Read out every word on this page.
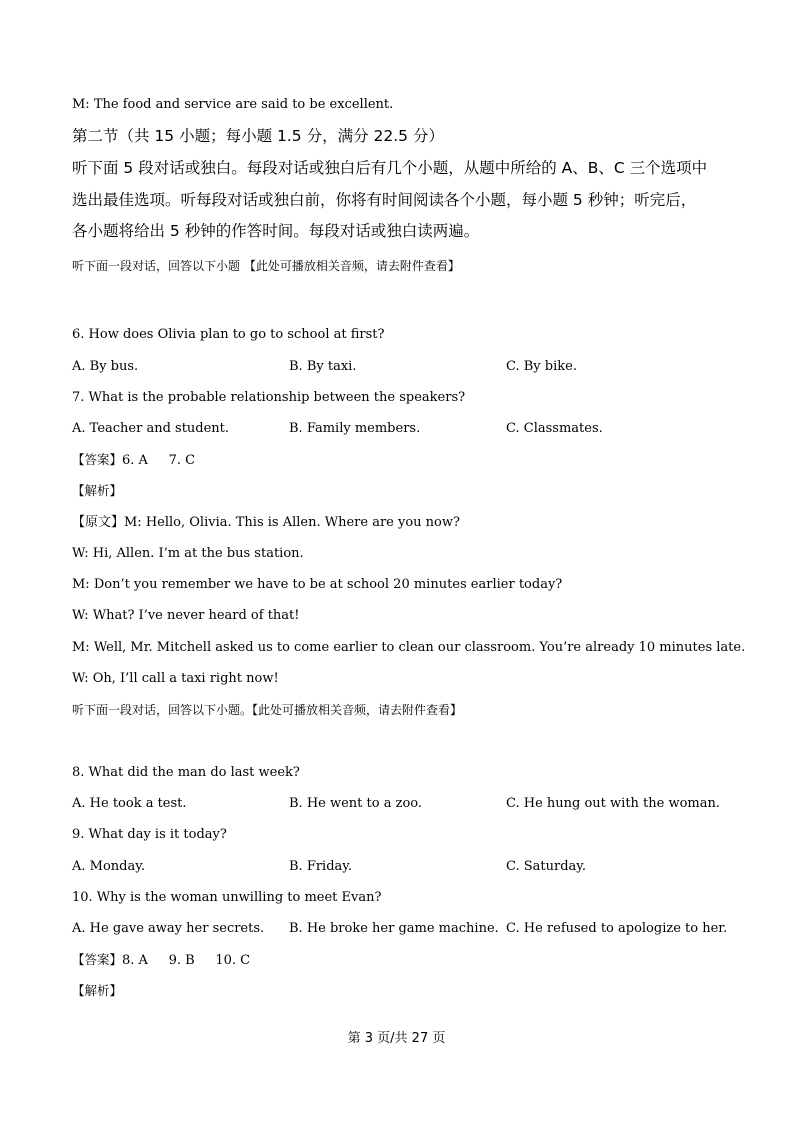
M: The food and service are said to be excellent.
第二节（共 15 小题；每小题 1.5 分，满分 22.5 分）
听下面 5 段对话或独白。每段对话或独白后有几个小题，从题中所给的 A、B、C 三个选项中
选出最佳选项。听每段对话或独白前，你将有时间阅读各个小题，每小题 5 秒钟；听完后，
各小题将给出 5 秒钟的作答时间。每段对话或独白读两遍。
听下面一段对话，回答以下小题 【此处可播放相关音频，请去附件查看】
6. How does Olivia plan to go to school at first?
A. By bus.	B. By taxi.	C. By bike.
7. What is the probable relationship between the speakers?
A. Teacher and student.	B. Family members.	C. Classmates.
【答案】6. A     7. C
【解析】
【原文】M: Hello, Olivia. This is Allen. Where are you now?
W: Hi, Allen. I’m at the bus station.
M: Don’t you remember we have to be at school 20 minutes earlier today?
W: What? I’ve never heard of that!
M: Well, Mr. Mitchell asked us to come earlier to clean our classroom. You’re already 10 minutes late.
W: Oh, I’ll call a taxi right now!
听下面一段对话，回答以下小题。【此处可播放相关音频，请去附件查看】
8. What did the man do last week?
A. He took a test.	B. He went to a zoo.	C. He hung out with the woman.
9. What day is it today?
A. Monday.	B. Friday.	C. Saturday.
10. Why is the woman unwilling to meet Evan?
A. He gave away her secrets. B. He broke her game machine. C. He refused to apologize to her.
【答案】8. A     9. B     10. C
【解析】
第 3 页/共 27 页
